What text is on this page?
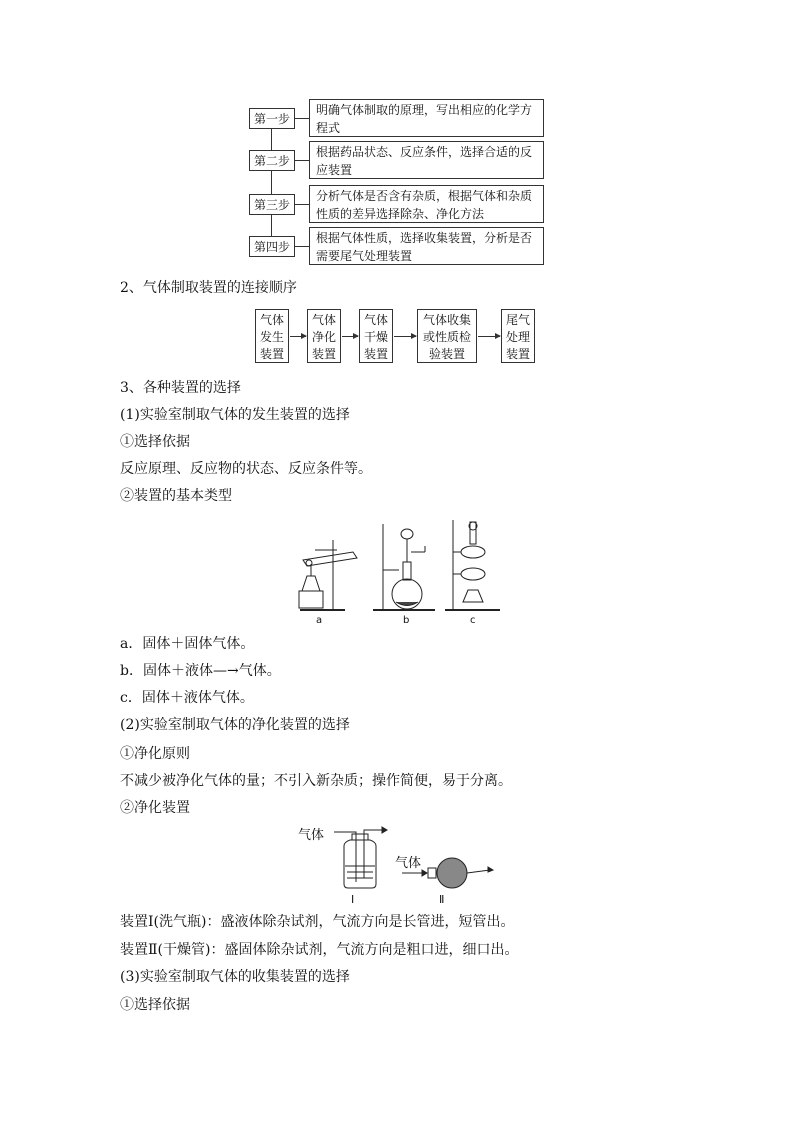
第一步
明确气体制取的原理，写出相应的化学方程式
第二步
根据药品状态、反应条件，选择合适的反应装置
第三步
分析气体是否含有杂质，根据气体和杂质性质的差异选择除杂、净化方法
第四步
根据气体性质，选择收集装置，分析是否需要尾气处理装置
2、气体制取装置的连接顺序
气体发生装置
气体净化装置
气体干燥装置
气体收集或性质检验装置
尾气处理装置
3、各种装置的选择
(1)实验室制取气体的发生装置的选择
①选择依据
反应原理、反应物的状态、反应条件等。
②装置的基本类型
a	b	c
a．固体＋固体气体。
b．固体＋液体—→气体。
c．固体＋液体气体。
(2)实验室制取气体的净化装置的选择
①净化原则
不减少被净化气体的量；不引入新杂质；操作简便，易于分离。
②净化装置
气体
气体
Ⅰ	Ⅱ
装置Ⅰ(洗气瓶)：盛液体除杂试剂，气流方向是长管进，短管出。
装置Ⅱ(干燥管)：盛固体除杂试剂，气流方向是粗口进，细口出。
(3)实验室制取气体的收集装置的选择
①选择依据
